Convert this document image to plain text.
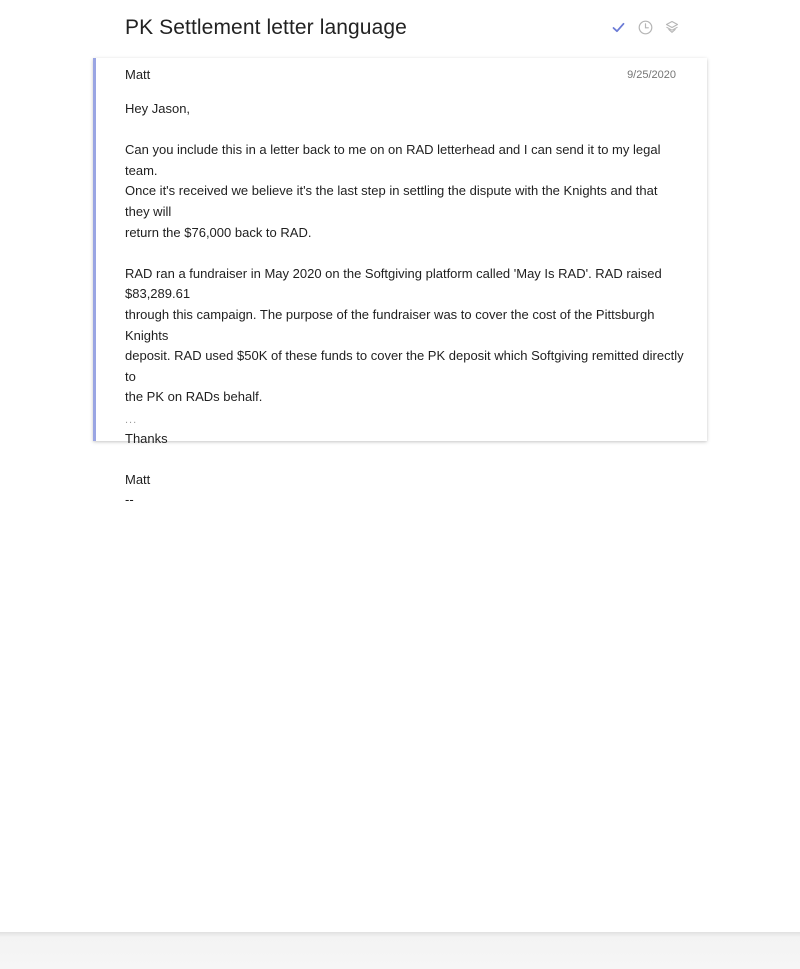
PK Settlement letter language
Matt	9/25/2020

Hey Jason,

Can you include this in a letter back to me on on RAD letterhead and I can send it to my legal team.

Once it's received we believe it's the last step in settling the dispute with the Knights and that they will

return the $76,000 back to RAD.

RAD ran a fundraiser in May 2020 on the Softgiving platform called 'May Is RAD'. RAD raised $83,289.61

through this campaign. The purpose of the fundraiser was to cover the cost of the Pittsburgh Knights

deposit. RAD used $50K of these funds to cover the PK deposit which Softgiving remitted directly to

the PK on RADs behalf.

Thanks

Matt

--

...
